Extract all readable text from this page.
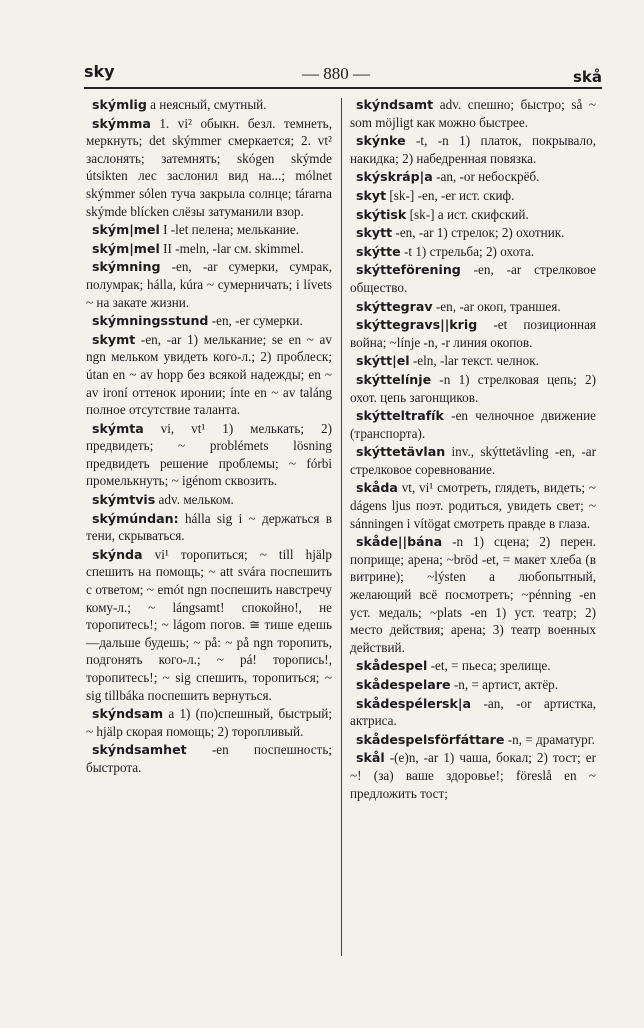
sky	— 880 —	skå

skýmlig a неясный, смутный.

skýmma 1. vi² обыкн. безл. темнеть, меркнуть; det skýmmer смеркается; 2. vt² заслонять; затемнять; skógen skýmde útsikten лес заслонил вид на...; mólnet skýmmer sólen туча закрыла солнце; tárarna skýmde blícken слёзы затуманили взор.

ským|mel I -let пелена; мелькание.

ským|mel II -meln, -lar см. skimmel.

skýmning -en, -ar сумерки, сумрак, полумрак; hálla, kúra ~ сумерничать; i lívets ~ на закате жизни.

skýmningsstund -en, -er сумерки.

skymt -en, -ar 1) мелькание; se en ~ av ngn мельком увидеть кого-л.; 2) проблеск; útan en ~ av hopp без всякой надежды; en ~ av ironí оттенок иронии; ínte en ~ av taláng полное отсутствие таланта.

skýmta vi, vt¹ 1) мелькать; 2) предвидеть; ~ problémets lösning предвидеть решение проблемы; ~ fórbi промелькнуть; ~ igénom сквозить.

skýmtvis adv. мельком.

skýmúndan: hálla sig i ~ держаться в тени, скрываться.

skýnda vi¹ торопиться; ~ till hjälp спешить на помощь; ~ att svára поспешить с ответом; ~ emót ngn поспешить навстречу кому-л.; ~ lángsamt! спокойно!, не торопитесь!; ~ lágom погов. ≅ тише едешь—дальше будешь; ~ på: ~ på ngn торопить, подгонять кого-л.; ~ pá! торопись!, торопитесь!; ~ sig спешить, торопиться; ~ sig tillbáka поспешить вернуться.

skýndsam a 1) (по)спешный, быстрый; ~ hjälp скорая помощь; 2) торопливый.

skýndsamhet -en поспешность; быстрота.

skýndsamt adv. спешно; быстро; så ~ som möjligt как можно быстрее.

skýnke -t, -n 1) платок, покрывало, накидка; 2) набедренная повязка.

skýskráp|a -an, -or небоскрёб.

skyt [sk-] -en, -er ист. скиф.

skýtisk [sk-] a ист. скифский.

skytt -en, -ar 1) стрелок; 2) охотник.

skýtte -t 1) стрельба; 2) охота.

skýtteförening -en, -ar стрелковое общество.

skýttegrav -en, -ar окоп, траншея.

skýttegravs||krig -et позиционная война; ~línje -n, -r линия окопов.

skýtt|el -eln, -lar текст. челнок.

skýttelínje -n 1) стрелковая цепь; 2) охот. цепь загонщиков.

skýtteltrafík -en челночное движение (транспорта).

skýttetävlan inv., skýttetävling -en, -ar стрелковое соревнование.

skåda vt, vi¹ смотреть, глядеть, видеть; ~ dágens ljus поэт. родиться, увидеть свет; ~ sánningen i vítögat смотреть правде в глаза.

skåde||bána -n 1) сцена; 2) перен. поприще; арена; ~bröd -et, = макет хлеба (в витрине); ~lýsten a любопытный, желающий всё посмотреть; ~pénning -en уст. медаль; ~plats -en 1) уст. театр; 2) место действия; арена; 3) театр военных действий.

skådespel -et, = пьеса; зрелище.

skådespelare -n, = артист, актёр.

skådespélersk|a -an, -or артистка, актриса.

skådespelsförfáttare -n, = драматург.

skål -(e)n, -ar 1) чаша, бокал; 2) тост; er ~! (за) ваше здоровье!; föreslå en ~ предложить тост;
